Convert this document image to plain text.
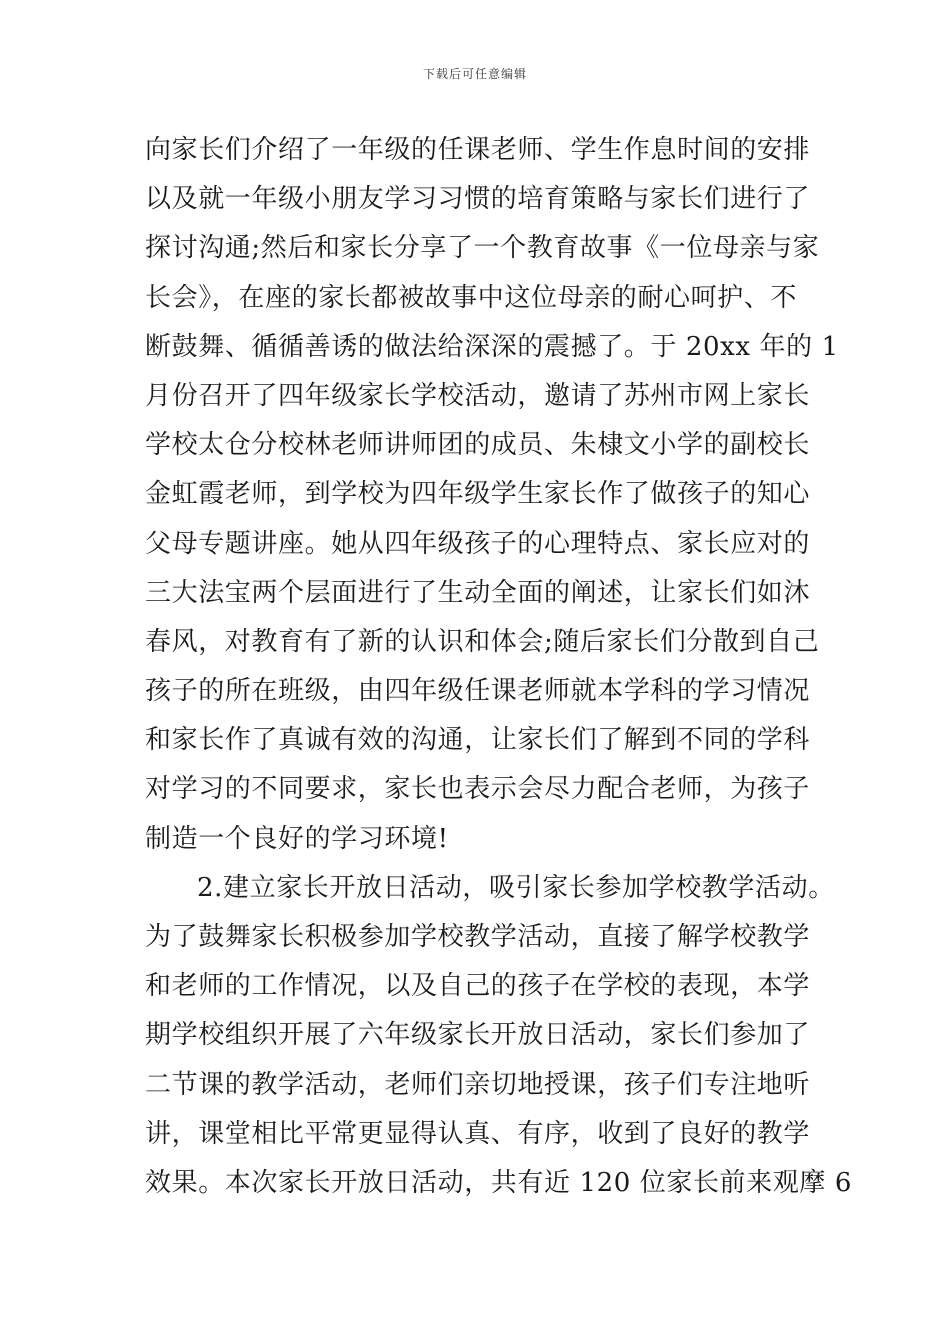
下载后可任意编辑
向家长们介绍了一年级的任课老师、学生作息时间的安排
以及就一年级小朋友学习习惯的培育策略与家长们进行了
探讨沟通;然后和家长分享了一个教育故事《一位母亲与家
长会》，在座的家长都被故事中这位母亲的耐心呵护、不
断鼓舞、循循善诱的做法给深深的震撼了。于 20xx 年的 1
月份召开了四年级家长学校活动，邀请了苏州市网上家长
学校太仓分校林老师讲师团的成员、朱棣文小学的副校长
金虹霞老师，到学校为四年级学生家长作了做孩子的知心
父母专题讲座。她从四年级孩子的心理特点、家长应对的
三大法宝两个层面进行了生动全面的阐述，让家长们如沐
春风，对教育有了新的认识和体会;随后家长们分散到自己
孩子的所在班级，由四年级任课老师就本学科的学习情况
和家长作了真诚有效的沟通，让家长们了解到不同的学科
对学习的不同要求，家长也表示会尽力配合老师，为孩子
制造一个良好的学习环境!
2.建立家长开放日活动，吸引家长参加学校教学活动。
为了鼓舞家长积极参加学校教学活动，直接了解学校教学
和老师的工作情况，以及自己的孩子在学校的表现，本学
期学校组织开展了六年级家长开放日活动，家长们参加了
二节课的教学活动，老师们亲切地授课，孩子们专注地听
讲，课堂相比平常更显得认真、有序，收到了良好的教学
效果。本次家长开放日活动，共有近 120 位家长前来观摩 6
